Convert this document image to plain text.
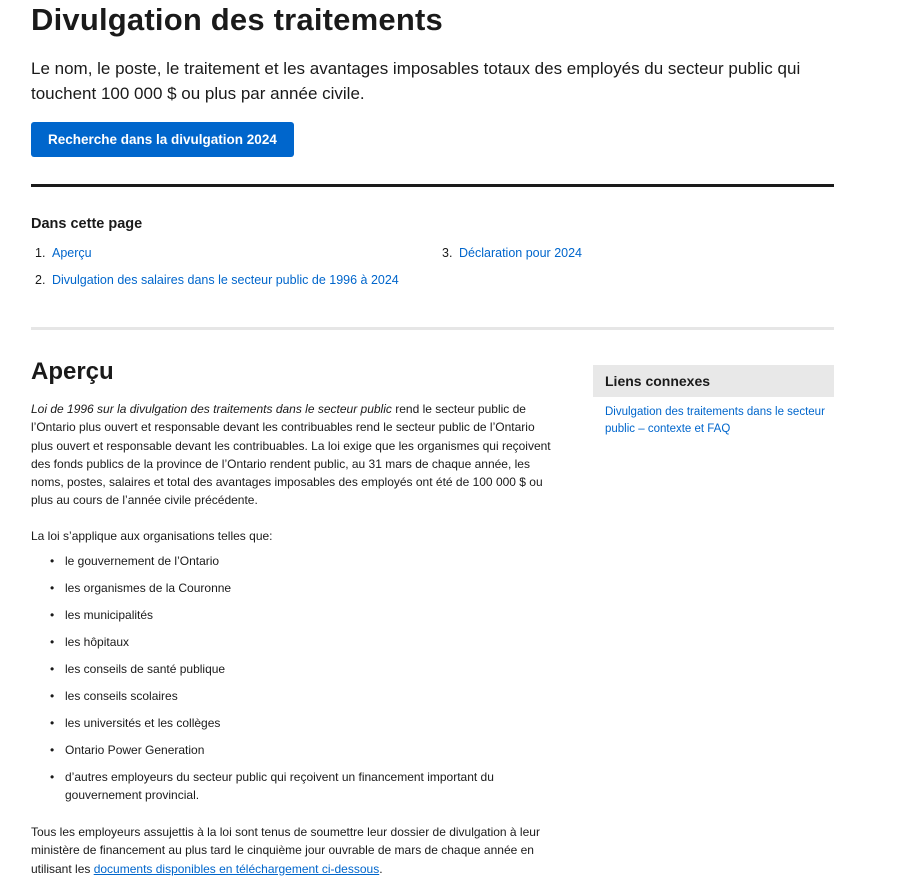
Divulgation des traitements

Le nom, le poste, le traitement et les avantages imposables totaux des employés du secteur public qui touchent 100 000 $ ou plus par année civile.

Recherche dans la divulgation 2024
Dans cette page
1. Aperçu
2. Divulgation des salaires dans le secteur public de 1996 à 2024
3. Déclaration pour 2024
Aperçu

Loi de 1996 sur la divulgation des traitements dans le secteur public rend le secteur public de l’Ontario plus ouvert et responsable devant les contribuables rend le secteur public de l’Ontario plus ouvert et responsable devant les contribuables. La loi exige que les organismes qui reçoivent des fonds publics de la province de l’Ontario rendent public, au 31 mars de chaque année, les noms, postes, salaires et total des avantages imposables des employés ont été de 100 000 $ ou plus au cours de l’année civile précédente.

La loi s’applique aux organisations telles que:

• le gouvernement de l’Ontario
• les organismes de la Couronne
• les municipalités
• les hôpitaux
• les conseils de santé publique
• les conseils scolaires
• les universités et les collèges
• Ontario Power Generation
• d’autres employeurs du secteur public qui reçoivent un financement important du gouvernement provincial.

Tous les employeurs assujettis à la loi sont tenus de soumettre leur dossier de divulgation à leur ministère de financement au plus tard le cinquième jour ouvrable de mars de chaque année en utilisant les documents disponibles en téléchargement ci-dessous.

Liens connexes
Divulgation des traitements dans le secteur public – contexte et FAQ
